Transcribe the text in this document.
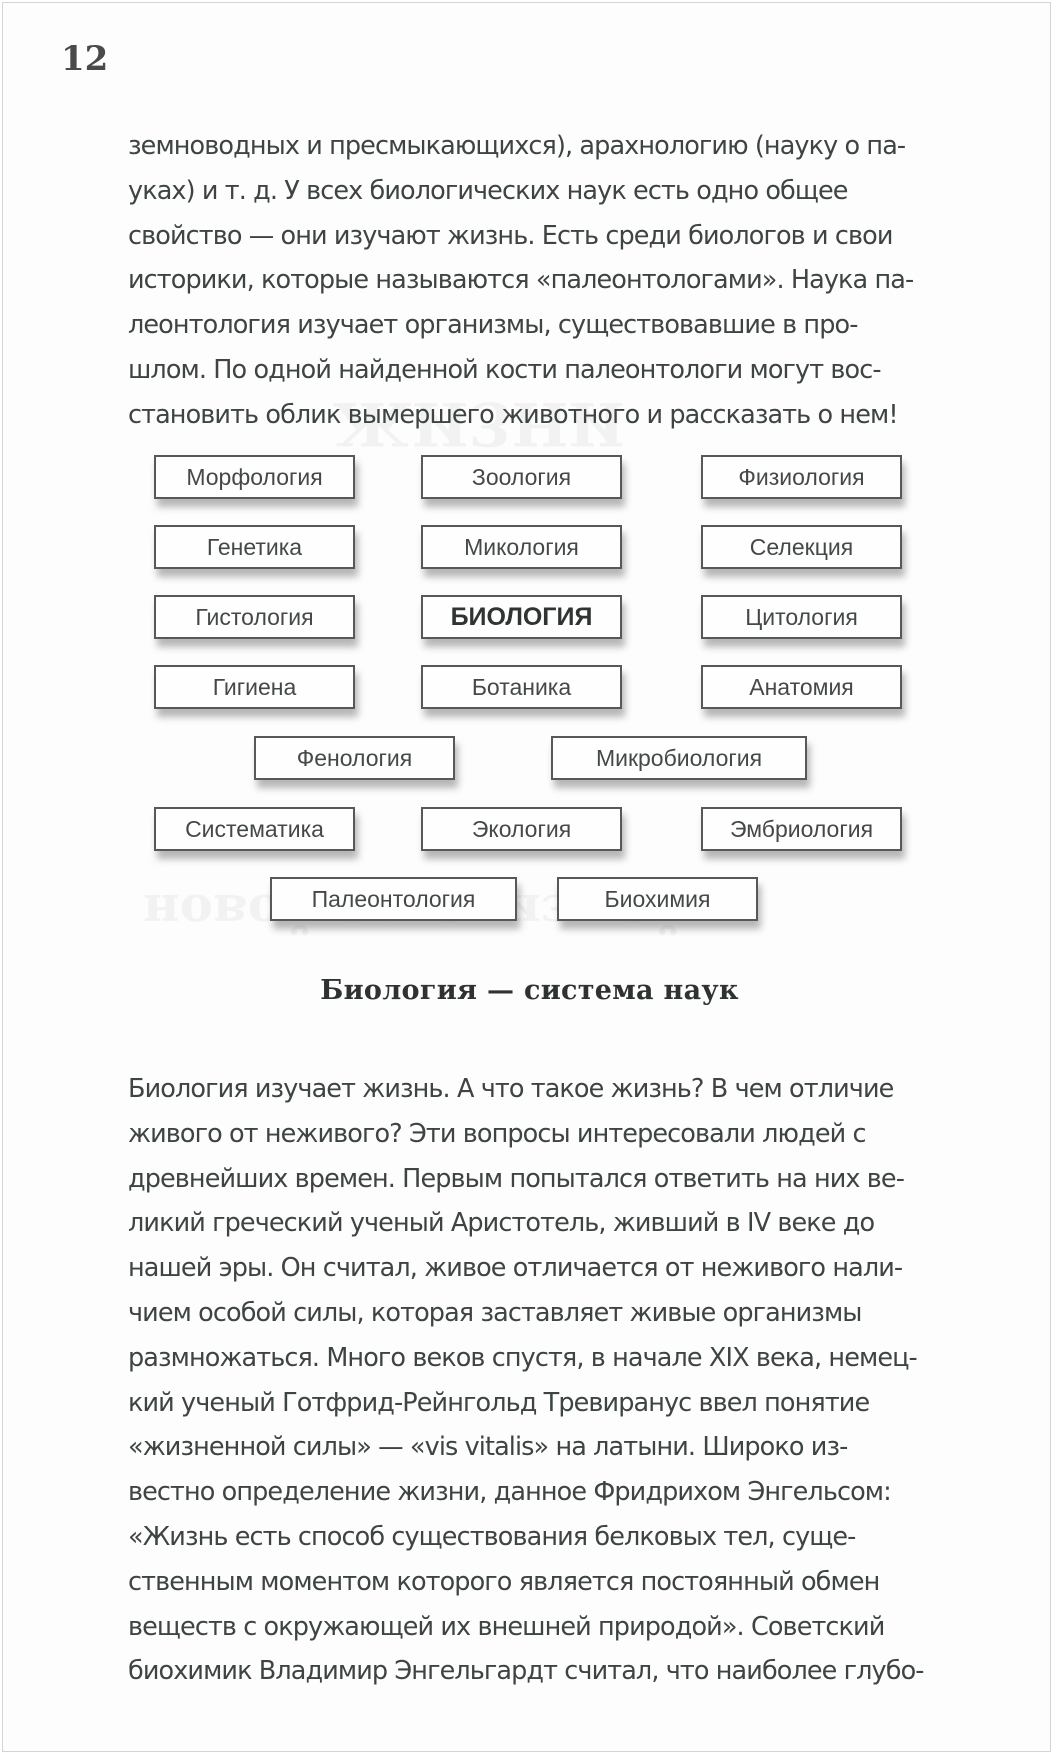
12
земноводных и пресмыкающихся), арахнологию (науку о па-
уках) и т. д. У всех биологических наук есть одно общее
свойство — они изучают жизнь. Есть среди биологов и свои
историки, которые называются «палеонтологами». Наука па-
леонтология изучает организмы, существовавшие в про-
шлом. По одной найденной кости палеонтологи могут вос-
становить облик вымершего животного и рассказать о нем!
Морфология	Зоология	Физиология
Генетика	Микология	Селекция
Гистология	БИОЛОГИЯ	Цитология
Гигиена	Ботаника	Анатомия
Фенология	Микробиология
Систематика	Экология	Эмбриология
Палеонтология	Биохимия
Биология — система наук
Биология изучает жизнь. А что такое жизнь? В чем отличие
живого от неживого? Эти вопросы интересовали людей с
древнейших времен. Первым попытался ответить на них ве-
ликий греческий ученый Аристотель, живший в IV веке до
нашей эры. Он считал, живое отличается от неживого нали-
чием особой силы, которая заставляет живые организмы
размножаться. Много веков спустя, в начале XIX века, немец-
кий ученый Готфрид-Рейнгольд Тревиранус ввел понятие
«жизненной силы» — «vis vitalis» на латыни. Широко из-
вестно определение жизни, данное Фридрихом Энгельсом:
«Жизнь есть способ существования белковых тел, суще-
ственным моментом которого является постоянный обмен
веществ с окружающей их внешней природой». Советский
биохимик Владимир Энгельгардт считал, что наиболее глубо-
